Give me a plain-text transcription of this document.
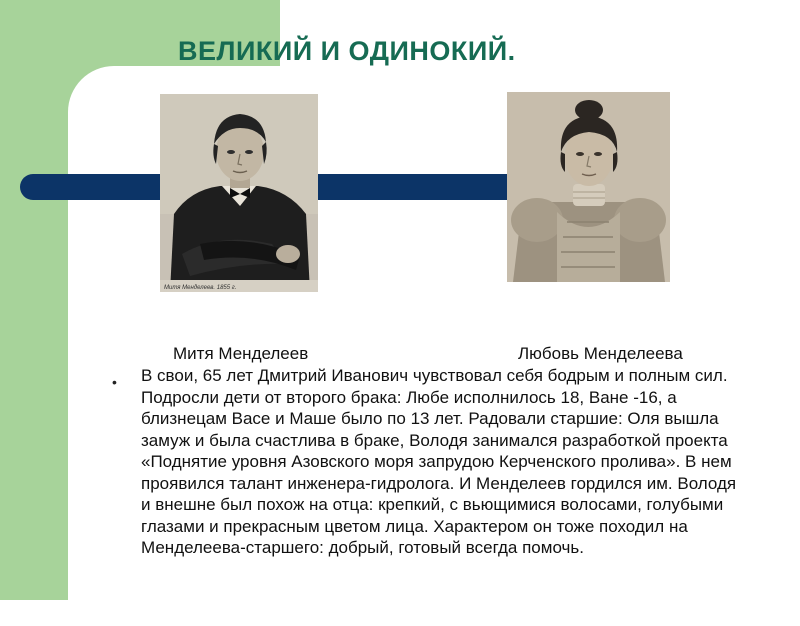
ВЕЛИКИЙ И ОДИНОКИЙ.
Митя Менделеев. 1855 г.

Митя Менделеев	Любовь Менделеева

• В свои, 65 лет Дмитрий Иванович чувствовал себя бодрым и полным сил. Подросли дети от второго брака: Любе исполнилось 18, Ване -16, а близнецам Васе и Маше было по 13 лет. Радовали старшие: Оля вышла замуж и была счастлива в браке, Володя занимался разработкой проекта «Поднятие уровня Азовского моря запрудою Керченского пролива». В нем проявился талант инженера-гидролога. И Менделеев гордился им. Володя и внешне был похож на отца: крепкий, с вьющимися волосами, голубыми глазами и прекрасным цветом лица. Характером он тоже походил на Менделеева-старшего: добрый, готовый всегда помочь.
